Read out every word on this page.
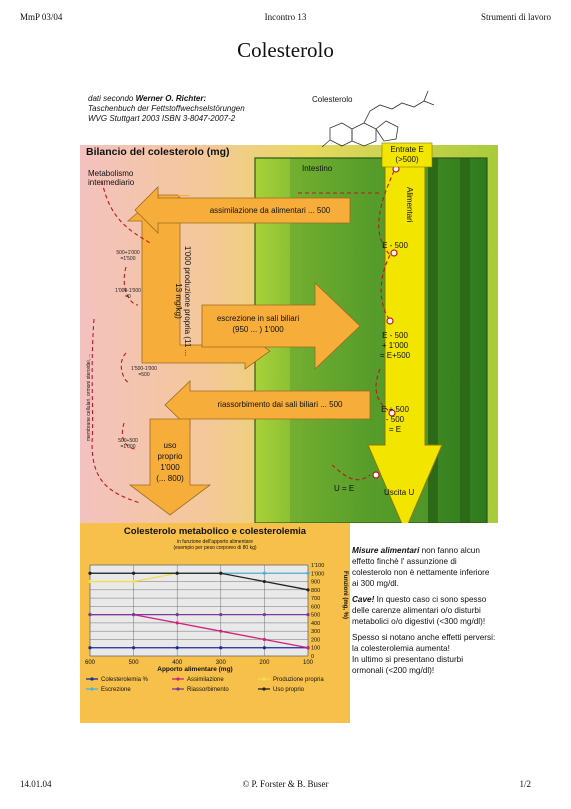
MmP 03/04	Incontro 13	Strumenti di lavoro
Colesterolo
dati secondo Werner O. Richter:
Taschenbuch der Fettstoffwechselstörungen
WVG Stuttgart 2003 ISBN 3-8047-2007-2
Colesterolo
Bilancio del colesterolo (mg)
Metabolismo intermediario
Intestino
Entrate E (>500)
Alimentari
assimilazione da alimentari ... 500
1'000 produzione propria (11 ... 13 mg/kg)	escrezione in sali biliari
(950 ... ) 1'000
riassorbimento dai sali biliari ... 500
uso
proprio
1'000
(... 800)
membrane cellulari, ormoni steroidei, ...
E - 500
E - 500
+ 1'000
= E+500
E + 500
- 500
= E
U = E	Uscita U
500+1'000
=1'500
1'000-1'000
=0
1'500-1'000
=500
500+500
=1'000
Colesterolo metabolico e colesterolemia
in funzione dell'apporto alimentare
(esempio per peso corporeo di 80 kg)
0
100
200
300
400
500
600
700
800
900
1'000
1'100
600	500	400	300	200	100
Colesterolemia %	Assimilazione	Produzione propria
Escrezione	Riassorbimento	Uso proprio
Apporto alimentare (mg)
Funzioni (mg, %)

Misure alimentari non fanno alcun effetto finchè l' assunzione di colesterolo non è nettamente inferiore ai 300 mg/dl.

Cave! In questo caso ci sono spesso delle carenze alimentari o/o disturbi metabolici o/o digestivi (<300 mg/dl)!

Spesso si notano anche effetti perversi: la colesterolemia aumenta!

In ultimo si presentano disturbi ormonali (<200 mg/dl)!

14.01.04	© P. Forster & B. Buser	1/2
